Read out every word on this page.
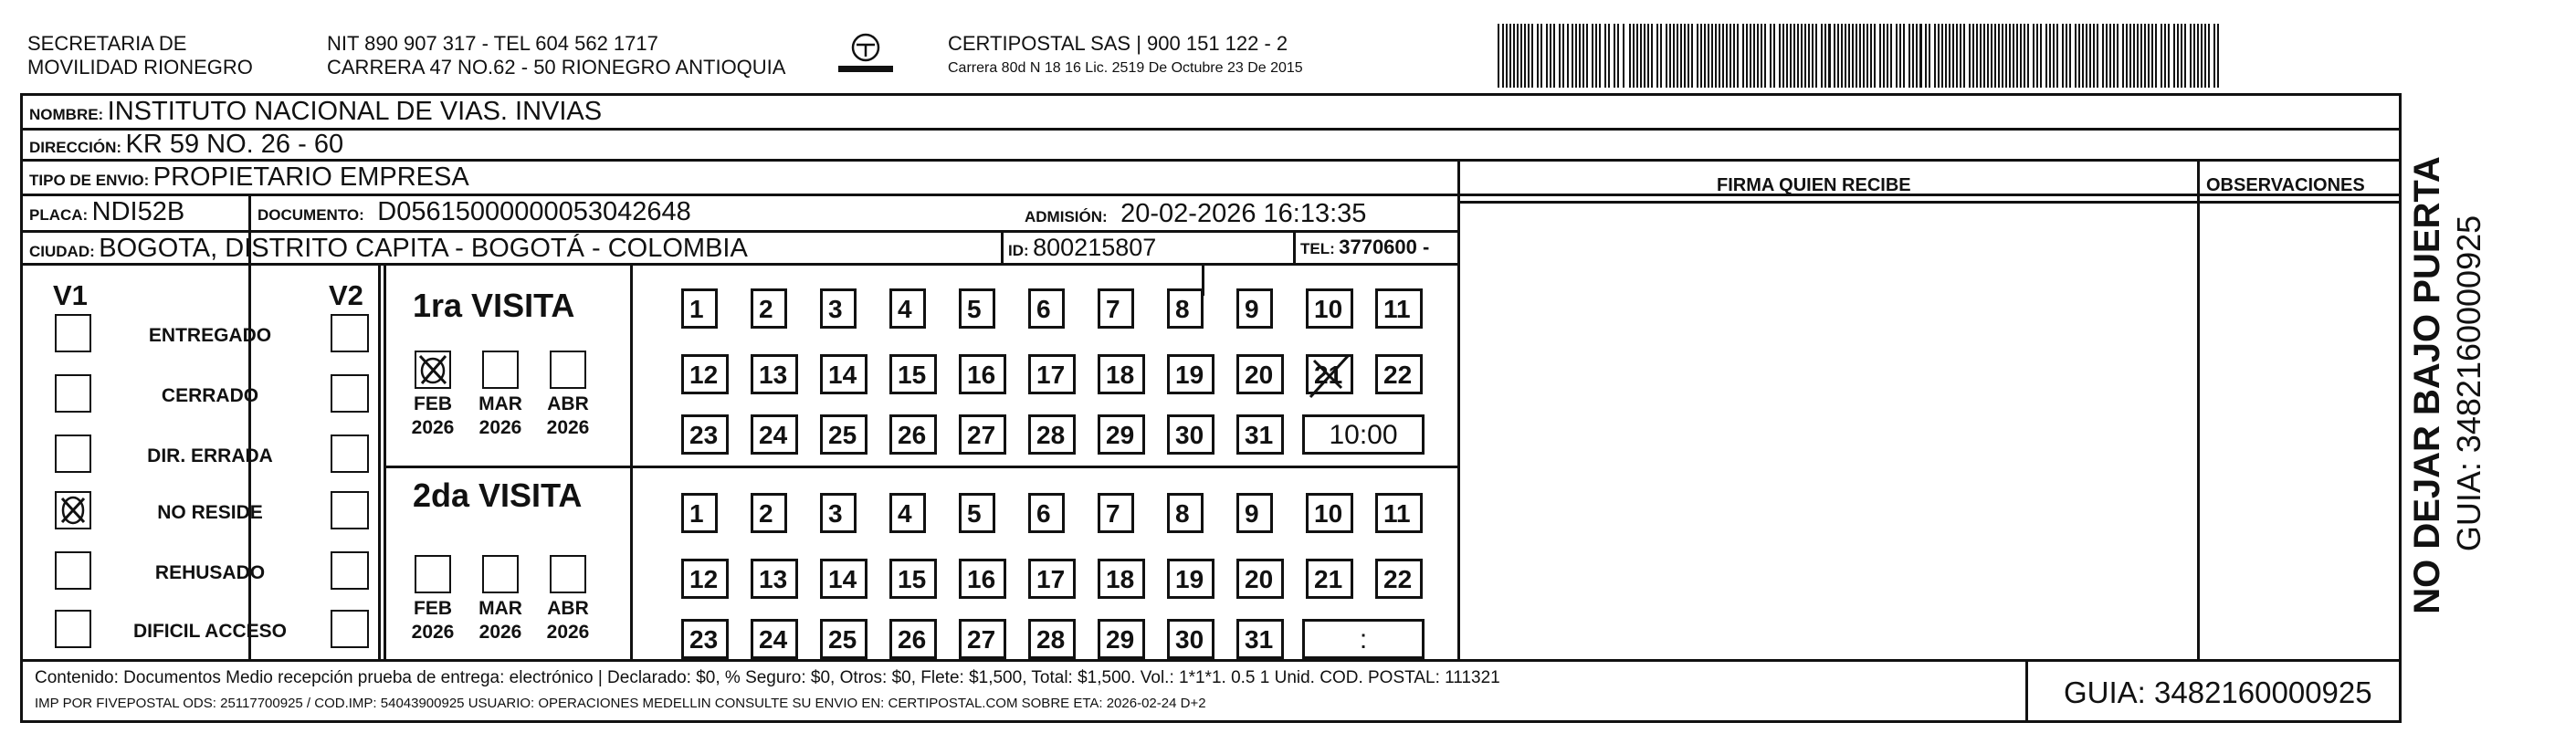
SECRETARIA DE
MOVILIDAD RIONEGRO
NIT 890 907 317 - TEL 604 562 1717
CARRERA 47 NO.62 - 50 RIONEGRO ANTIOQUIA
CERTIPOSTAL SAS | 900 151 122 - 2
Carrera 80d N 18 16 Lic. 2519 De Octubre 23 De 2015
NOMBRE: INSTITUTO NACIONAL DE VIAS. INVIAS
DIRECCIÓN: KR 59 NO. 26 - 60
TIPO DE ENVIO: PROPIETARIO EMPRESA
PLACA: NDI52B	DOCUMENTO: D05615000000053042648	ADMISIÓN: 20-02-2026 16:13:35
CIUDAD: BOGOTA, DISTRITO CAPITA - BOGOTÁ - COLOMBIA	ID: 800215807	TEL: 3770600 -
FIRMA QUIEN RECIBE	OBSERVACIONES
V1	V2
ENTREGADO
CERRADO
DIR. ERRADA
NO RESIDE
REHUSADO
DIFICIL ACCESO
1ra VISITA
2da VISITA
FEB
2026
MAR
2026
ABR
2026
1	2	3	4	5	6	7	8	9	10	11
12	13	14	15	16	17	18	19	20	21	22
23	24	25	26	27	28	29	30	31	10:00
FEB
2026
MAR
2026
ABR
2026
1	2	3	4	5	6	7	8	9	10	11
12	13	14	15	16	17	18	19	20	21	22
23	24	25	26	27	28	29	30	31	:
Contenido: Documentos Medio recepción prueba de entrega: electrónico | Declarado: $0, % Seguro: $0, Otros: $0, Flete: $1,500, Total: $1,500. Vol.: 1*1*1. 0.5 1 Unid. COD. POSTAL: 111321
IMP POR FIVEPOSTAL ODS: 25117700925 / COD.IMP: 54043900925 USUARIO: OPERACIONES MEDELLIN CONSULTE SU ENVIO EN: CERTIPOSTAL.COM SOBRE ETA: 2026-02-24 D+2	GUIA: 3482160000925
NO DEJAR BAJO PUERTA GUIA: 3482160000925
